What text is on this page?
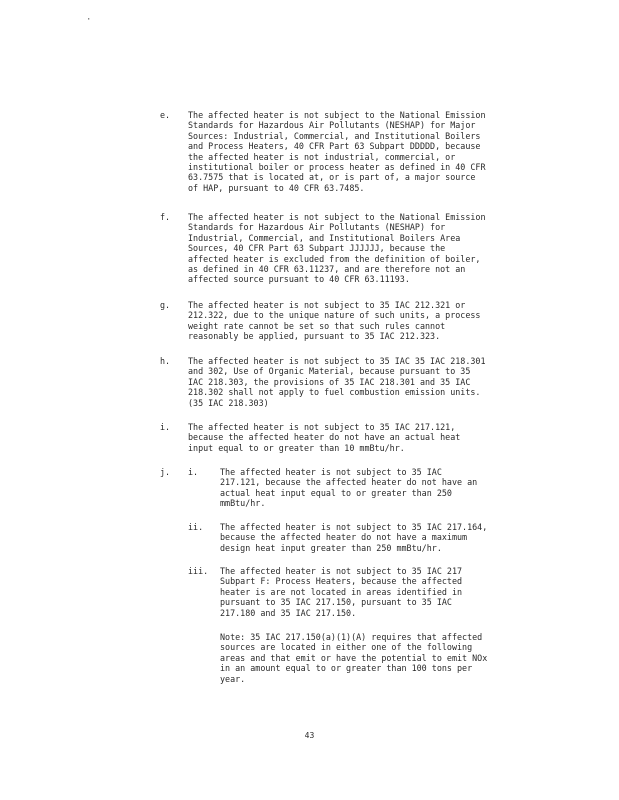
·
e.	The affected heater is not subject to the National Emission
Standards for Hazardous Air Pollutants (NESHAP) for Major
Sources: Industrial, Commercial, and Institutional Boilers
and Process Heaters, 40 CFR Part 63 Subpart DDDDD, because
the affected heater is not industrial, commercial, or
institutional boiler or process heater as defined in 40 CFR
63.7575 that is located at, or is part of, a major source
of HAP, pursuant to 40 CFR 63.7485.
f.	The affected heater is not subject to the National Emission
Standards for Hazardous Air Pollutants (NESHAP) for
Industrial, Commercial, and Institutional Boilers Area
Sources, 40 CFR Part 63 Subpart JJJJJJ, because the
affected heater is excluded from the definition of boiler,
as defined in 40 CFR 63.11237, and are therefore not an
affected source pursuant to 40 CFR 63.11193.
g.	The affected heater is not subject to 35 IAC 212.321 or
212.322, due to the unique nature of such units, a process
weight rate cannot be set so that such rules cannot
reasonably be applied, pursuant to 35 IAC 212.323.
h.	The affected heater is not subject to 35 IAC 35 IAC 218.301
and 302, Use of Organic Material, because pursuant to 35
IAC 218.303, the provisions of 35 IAC 218.301 and 35 IAC
218.302 shall not apply to fuel combustion emission units.
(35 IAC 218.303)
i.	The affected heater is not subject to 35 IAC 217.121,
because the affected heater do not have an actual heat
input equal to or greater than 10 mmBtu/hr.
j.	i.	The affected heater is not subject to 35 IAC
217.121, because the affected heater do not have an
actual heat input equal to or greater than 250
mmBtu/hr.
ii.	The affected heater is not subject to 35 IAC 217.164,
because the affected heater do not have a maximum
design heat input greater than 250 mmBtu/hr.
iii.	The affected heater is not subject to 35 IAC 217
Subpart F: Process Heaters, because the affected
heater is are not located in areas identified in
pursuant to 35 IAC 217.150, pursuant to 35 IAC
217.180 and 35 IAC 217.150.
Note: 35 IAC 217.150(a)(1)(A) requires that affected
sources are located in either one of the following
areas and that emit or have the potential to emit NOx
in an amount equal to or greater than 100 tons per
year.
43
